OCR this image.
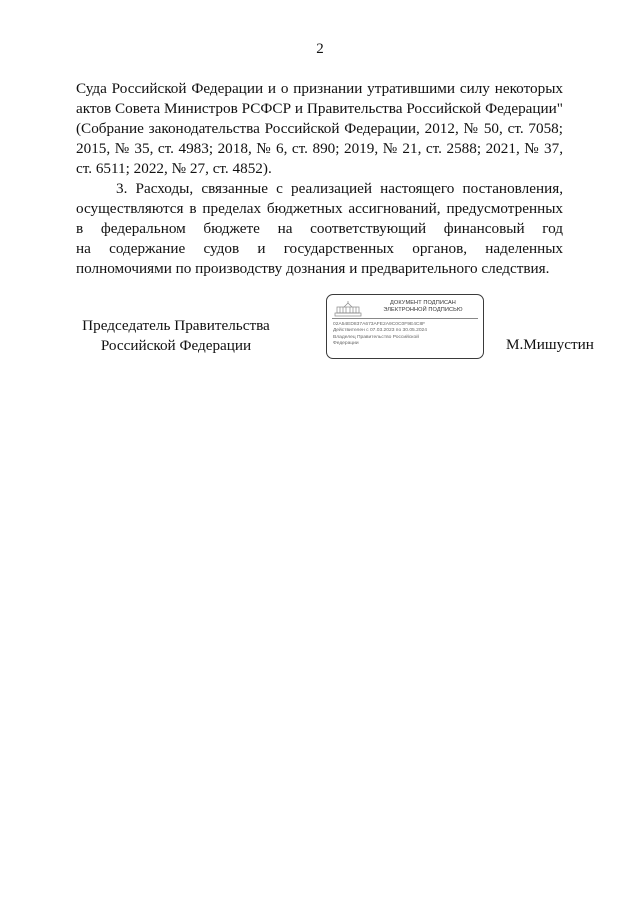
2
Суда Российской Федерации и о признании утратившими силу некоторых
актов Совета Министров РСФСР и Правительства Российской Федерации"
(Собрание законодательства Российской Федерации, 2012, № 50, ст. 7058;
2015, № 35, ст. 4983; 2018, № 6, ст. 890; 2019, № 21, ст. 2588; 2021, № 37,
ст. 6511; 2022, № 27, ст. 4852).
3. Расходы, связанные с реализацией настоящего постановления,
осуществляются в пределах бюджетных ассигнований, предусмотренных
в федеральном бюджете на соответствующий финансовый год
на содержание судов и государственных органов, наделенных
полномочиями по производству дознания и предварительного следствия.
Председатель Правительства
Российской Федерации
ДОКУМЕНТ ПОДПИСАН
ЭЛЕКТРОННОЙ ПОДПИСЬЮ
02A54ED837A673AFE2A9C0C0F9E4C8F
Действителен с 07.03.2023 по 30.05.2024
Владелец Правительство Российской
Федерации	М.Мишустин
